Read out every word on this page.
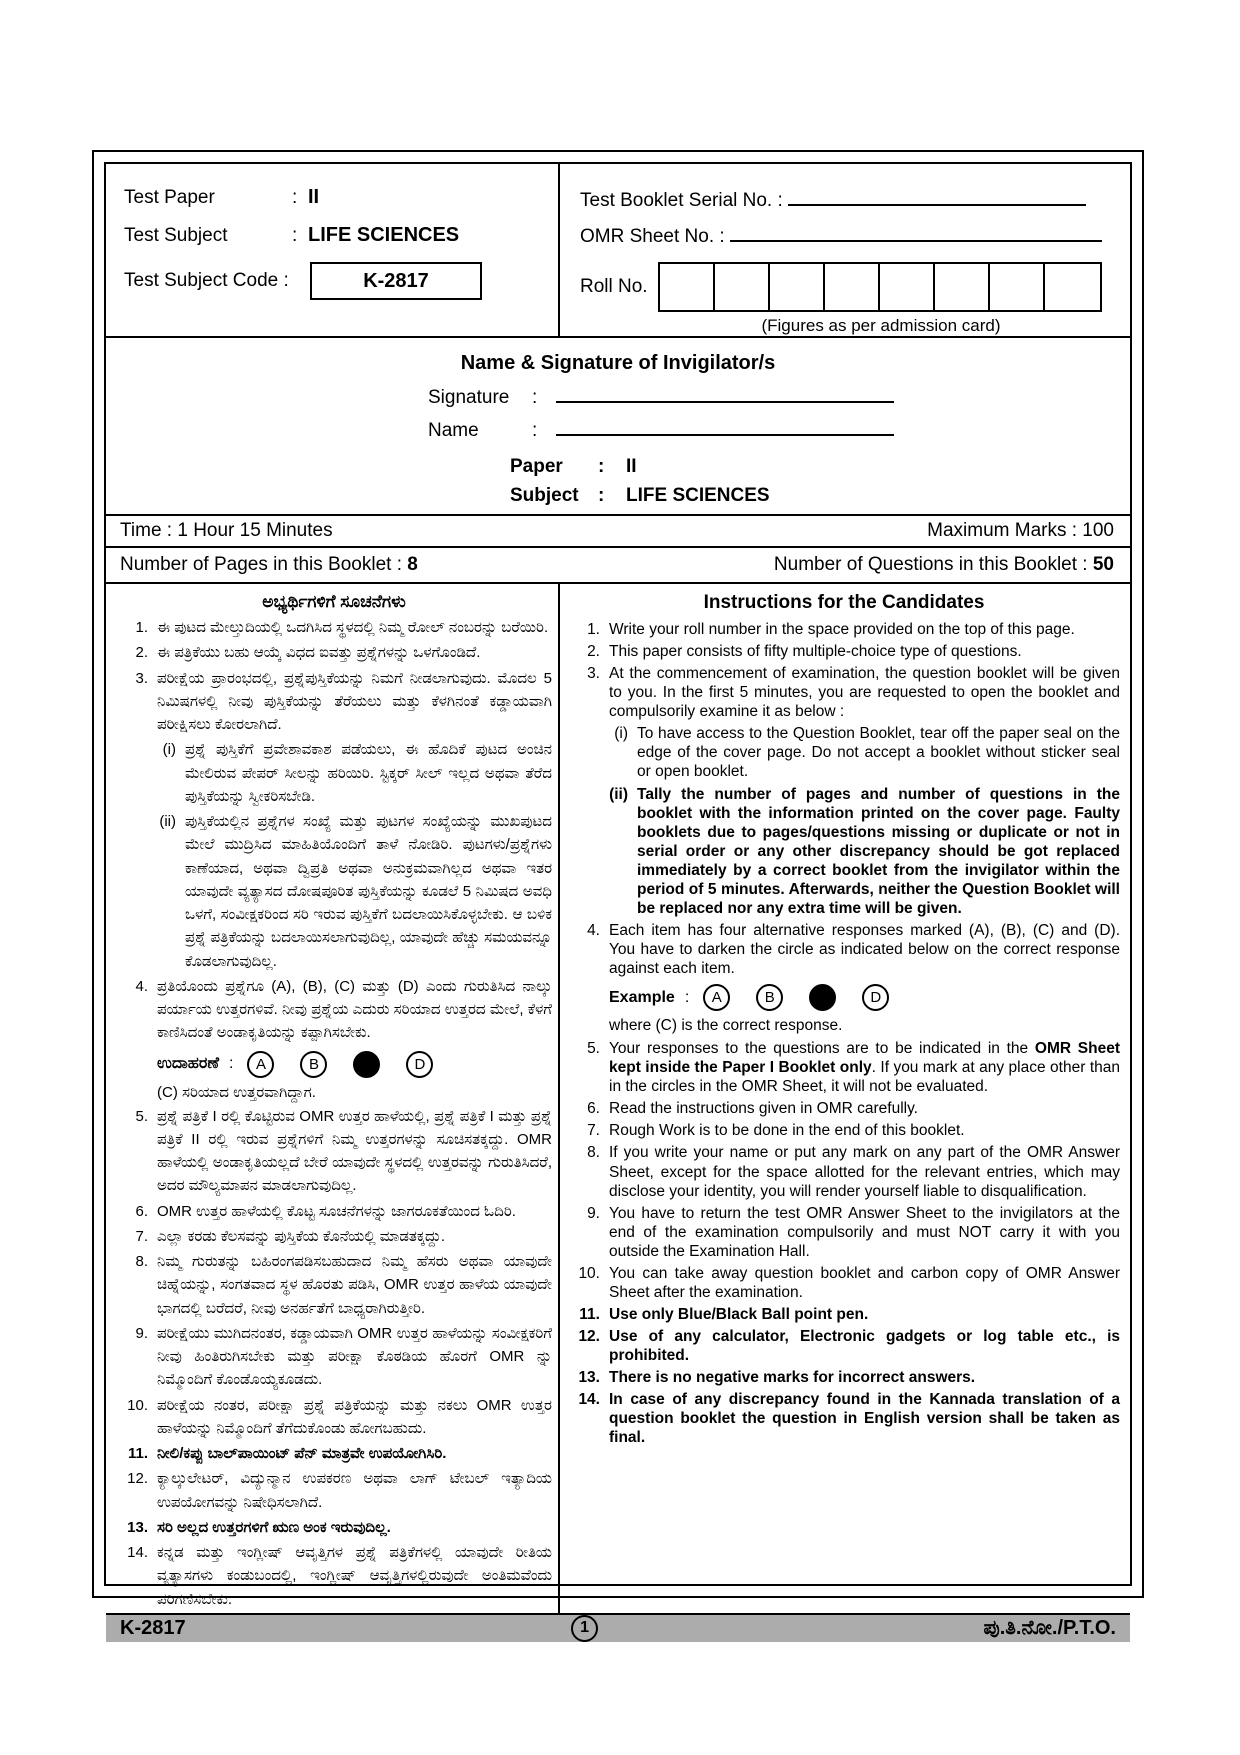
Test Paper	: II
Test Subject	: LIFE SCIENCES
Test Subject Code :	K-2817
Test Booklet Serial No. :
OMR Sheet No. :
Roll No.
(Figures as per admission card)
Name & Signature of Invigilator/s
Signature	:
Name	:
Paper	:	II
Subject	:	LIFE SCIENCES
Time : 1 Hour 15 Minutes	Maximum Marks : 100
Number of Pages in this Booklet : 8	Number of Questions in this Booklet : 50
ಅಭ್ಯರ್ಥಿಗಳಿಗೆ ಸೂಚನೆಗಳು
1. ಈ ಪುಟದ ಮೇಲ್ತುದಿಯಲ್ಲಿ ಒದಗಿಸಿದ ಸ್ಥಳದಲ್ಲಿ ನಿಮ್ಮ ರೋಲ್ ನಂಬರನ್ನು ಬರೆಯಿರಿ.
2. ಈ ಪತ್ರಿಕೆಯು ಬಹು ಆಯ್ಕೆ ವಿಧದ ಐವತ್ತು ಪ್ರಶ್ನೆಗಳನ್ನು ಒಳಗೊಂಡಿದೆ.
3. ಪರೀಕ್ಷೆಯ ಪ್ರಾರಂಭದಲ್ಲಿ, ಪ್ರಶ್ನೆಪುಸ್ತಿಕೆಯನ್ನು ನಿಮಗೆ ನೀಡಲಾಗುವುದು. ಮೊದಲ 5 ನಿಮಿಷಗಳಲ್ಲಿ ನೀವು ಪುಸ್ತಿಕೆಯನ್ನು ತೆರೆಯಲು ಮತ್ತು ಕೆಳಗಿನಂತೆ ಕಡ್ಡಾಯವಾಗಿ ಪರೀಕ್ಷಿಸಲು ಕೋರಲಾಗಿದೆ.
(i) ಪ್ರಶ್ನೆ ಪುಸ್ತಿಕೆಗೆ ಪ್ರವೇಶಾವಕಾಶ ಪಡೆಯಲು, ಈ ಹೊದಿಕೆ ಪುಟದ ಅಂಚಿನ ಮೇಲಿರುವ ಪೇಪರ್ ಸೀಲನ್ನು ಹರಿಯಿರಿ. ಸ್ಟಿಕ್ಕರ್ ಸೀಲ್ ಇಲ್ಲದ ಅಥವಾ ತೆರೆದ ಪುಸ್ತಿಕೆಯನ್ನು ಸ್ವೀಕರಿಸಬೇಡಿ.
(ii) ಪುಸ್ತಿಕೆಯಲ್ಲಿನ ಪ್ರಶ್ನೆಗಳ ಸಂಖ್ಯೆ ಮತ್ತು ಪುಟಗಳ ಸಂಖ್ಯೆಯನ್ನು ಮುಖಪುಟದ ಮೇಲೆ ಮುದ್ರಿಸಿದ ಮಾಹಿತಿಯೊಂದಿಗೆ ತಾಳೆ ನೋಡಿರಿ. ಪುಟಗಳು/ಪ್ರಶ್ನೆಗಳು ಕಾಣೆಯಾದ, ಅಥವಾ ದ್ವಿಪ್ರತಿ ಅಥವಾ ಅನುಕ್ರಮವಾಗಿಲ್ಲದ ಅಥವಾ ಇತರ ಯಾವುದೇ ವ್ಯತ್ಯಾಸದ ದೋಷಪೂರಿತ ಪುಸ್ತಿಕೆಯನ್ನು ಕೂಡಲೆ 5 ನಿಮಿಷದ ಅವಧಿ ಒಳಗೆ, ಸಂವೀಕ್ಷಕರಿಂದ ಸರಿ ಇರುವ ಪುಸ್ತಿಕೆಗೆ ಬದಲಾಯಿಸಿಕೊಳ್ಳಬೇಕು. ಆ ಬಳಿಕ ಪ್ರಶ್ನೆ ಪತ್ರಿಕೆಯನ್ನು ಬದಲಾಯಿಸಲಾಗುವುದಿಲ್ಲ, ಯಾವುದೇ ಹೆಚ್ಚು ಸಮಯವನ್ನೂ ಕೊಡಲಾಗುವುದಿಲ್ಲ.
4. ಪ್ರತಿಯೊಂದು ಪ್ರಶ್ನೆಗೂ (A), (B), (C) ಮತ್ತು (D) ಎಂದು ಗುರುತಿಸಿದ ನಾಲ್ಕು ಪರ್ಯಾಯ ಉತ್ತರಗಳಿವೆ. ನೀವು ಪ್ರಶ್ನೆಯ ಎದುರು ಸರಿಯಾದ ಉತ್ತರದ ಮೇಲೆ, ಕೆಳಗೆ ಕಾಣಿಸಿದಂತೆ ಅಂಡಾಕೃತಿಯನ್ನು ಕಪ್ಪಾಗಿಸಬೇಕು.
ಉದಾಹರಣೆ : A	B	D
(C) ಸರಿಯಾದ ಉತ್ತರವಾಗಿದ್ದಾಗ.
5. ಪ್ರಶ್ನೆ ಪತ್ರಿಕೆ I ರಲ್ಲಿ ಕೊಟ್ಟಿರುವ OMR ಉತ್ತರ ಹಾಳೆಯಲ್ಲಿ, ಪ್ರಶ್ನೆ ಪತ್ರಿಕೆ I ಮತ್ತು ಪ್ರಶ್ನೆ ಪತ್ರಿಕೆ II ರಲ್ಲಿ ಇರುವ ಪ್ರಶ್ನೆಗಳಿಗೆ ನಿಮ್ಮ ಉತ್ತರಗಳನ್ನು ಸೂಚಿಸತಕ್ಕದ್ದು. OMR ಹಾಳೆಯಲ್ಲಿ ಅಂಡಾಕೃತಿಯಲ್ಲದೆ ಬೇರೆ ಯಾವುದೇ ಸ್ಥಳದಲ್ಲಿ ಉತ್ತರವನ್ನು ಗುರುತಿಸಿದರೆ, ಅದರ ಮೌಲ್ಯಮಾಪನ ಮಾಡಲಾಗುವುದಿಲ್ಲ.
6. OMR ಉತ್ತರ ಹಾಳೆಯಲ್ಲಿ ಕೊಟ್ಟ ಸೂಚನೆಗಳನ್ನು ಜಾಗರೂಕತೆಯಿಂದ ಓದಿರಿ.
7. ಎಲ್ಲಾ ಕರಡು ಕೆಲಸವನ್ನು ಪುಸ್ತಿಕೆಯ ಕೊನೆಯಲ್ಲಿ ಮಾಡತಕ್ಕದ್ದು.
8. ನಿಮ್ಮ ಗುರುತನ್ನು ಬಹಿರಂಗಪಡಿಸಬಹುದಾದ ನಿಮ್ಮ ಹೆಸರು ಅಥವಾ ಯಾವುದೇ ಚಿಹ್ನೆಯನ್ನು, ಸಂಗತವಾದ ಸ್ಥಳ ಹೊರತು ಪಡಿಸಿ, OMR ಉತ್ತರ ಹಾಳೆಯ ಯಾವುದೇ ಭಾಗದಲ್ಲಿ ಬರೆದರೆ, ನೀವು ಅನರ್ಹತೆಗೆ ಬಾಧ್ಯರಾಗಿರುತ್ತೀರಿ.
9. ಪರೀಕ್ಷೆಯು ಮುಗಿದನಂತರ, ಕಡ್ಡಾಯವಾಗಿ OMR ಉತ್ತರ ಹಾಳೆಯನ್ನು ಸಂವೀಕ್ಷಕರಿಗೆ ನೀವು ಹಿಂತಿರುಗಿಸಬೇಕು ಮತ್ತು ಪರೀಕ್ಷಾ ಕೊಠಡಿಯ ಹೊರಗೆ OMR ನ್ನು ನಿಮ್ಮೊಂದಿಗೆ ಕೊಂಡೊಯ್ಯಕೂಡದು.
10. ಪರೀಕ್ಷೆಯ ನಂತರ, ಪರೀಕ್ಷಾ ಪ್ರಶ್ನೆ ಪತ್ರಿಕೆಯನ್ನು ಮತ್ತು ನಕಲು OMR ಉತ್ತರ ಹಾಳೆಯನ್ನು ನಿಮ್ಮೊಂದಿಗೆ ತೆಗೆದುಕೊಂಡು ಹೋಗಬಹುದು.
11. ನೀಲಿ/ಕಪ್ಪು ಬಾಲ್‌ಪಾಯಿಂಟ್ ಪೆನ್ ಮಾತ್ರವೇ ಉಪಯೋಗಿಸಿರಿ.
12. ಕ್ಯಾಲ್ಕುಲೇಟರ್, ವಿದ್ಯುನ್ಮಾನ ಉಪಕರಣ ಅಥವಾ ಲಾಗ್ ಟೇಬಲ್ ಇತ್ಯಾದಿಯ ಉಪಯೋಗವನ್ನು ನಿಷೇಧಿಸಲಾಗಿದೆ.
13. ಸರಿ ಅಲ್ಲದ ಉತ್ತರಗಳಿಗೆ ಋಣ ಅಂಕ ಇರುವುದಿಲ್ಲ.
14. ಕನ್ನಡ ಮತ್ತು ಇಂಗ್ಲೀಷ್ ಆವೃತ್ತಿಗಳ ಪ್ರಶ್ನೆ ಪತ್ರಿಕೆಗಳಲ್ಲಿ ಯಾವುದೇ ರೀತಿಯ ವ್ಯತ್ಯಾಸಗಳು ಕಂಡುಬಂದಲ್ಲಿ, ಇಂಗ್ಲೀಷ್ ಆವೃತ್ತಿಗಳಲ್ಲಿರುವುದೇ ಅಂತಿಮವೆಂದು ಪರಿಗಣಿಸಬೇಕು.
Instructions for the Candidates
1. Write your roll number in the space provided on the top of this page.
2. This paper consists of fifty multiple-choice type of questions.
3. At the commencement of examination, the question booklet will be given to you. In the first 5 minutes, you are requested to open the booklet and compulsorily examine it as below :
(i) To have access to the Question Booklet, tear off the paper seal on the edge of the cover page. Do not accept a booklet without sticker seal or open booklet.
(ii) Tally the number of pages and number of questions in the booklet with the information printed on the cover page. Faulty booklets due to pages/questions missing or duplicate or not in serial order or any other discrepancy should be got replaced immediately by a correct booklet from the invigilator within the period of 5 minutes. Afterwards, neither the Question Booklet will be replaced nor any extra time will be given.
4. Each item has four alternative responses marked (A), (B), (C) and (D). You have to darken the circle as indicated below on the correct response against each item.
Example : A	B	D
where (C) is the correct response.
5. Your responses to the questions are to be indicated in the OMR Sheet kept inside the Paper I Booklet only. If you mark at any place other than in the circles in the OMR Sheet, it will not be evaluated.
6. Read the instructions given in OMR carefully.
7. Rough Work is to be done in the end of this booklet.
8. If you write your name or put any mark on any part of the OMR Answer Sheet, except for the space allotted for the relevant entries, which may disclose your identity, you will render yourself liable to disqualification.
9. You have to return the test OMR Answer Sheet to the invigilators at the end of the examination compulsorily and must NOT carry it with you outside the Examination Hall.
10. You can take away question booklet and carbon copy of OMR Answer Sheet after the examination.
11. Use only Blue/Black Ball point pen.
12. Use of any calculator, Electronic gadgets or log table etc., is prohibited.
13. There is no negative marks for incorrect answers.
14. In case of any discrepancy found in the Kannada translation of a question booklet the question in English version shall be taken as final.
K-2817	1	ಪು.ತಿ.ನೋ./P.T.O.
